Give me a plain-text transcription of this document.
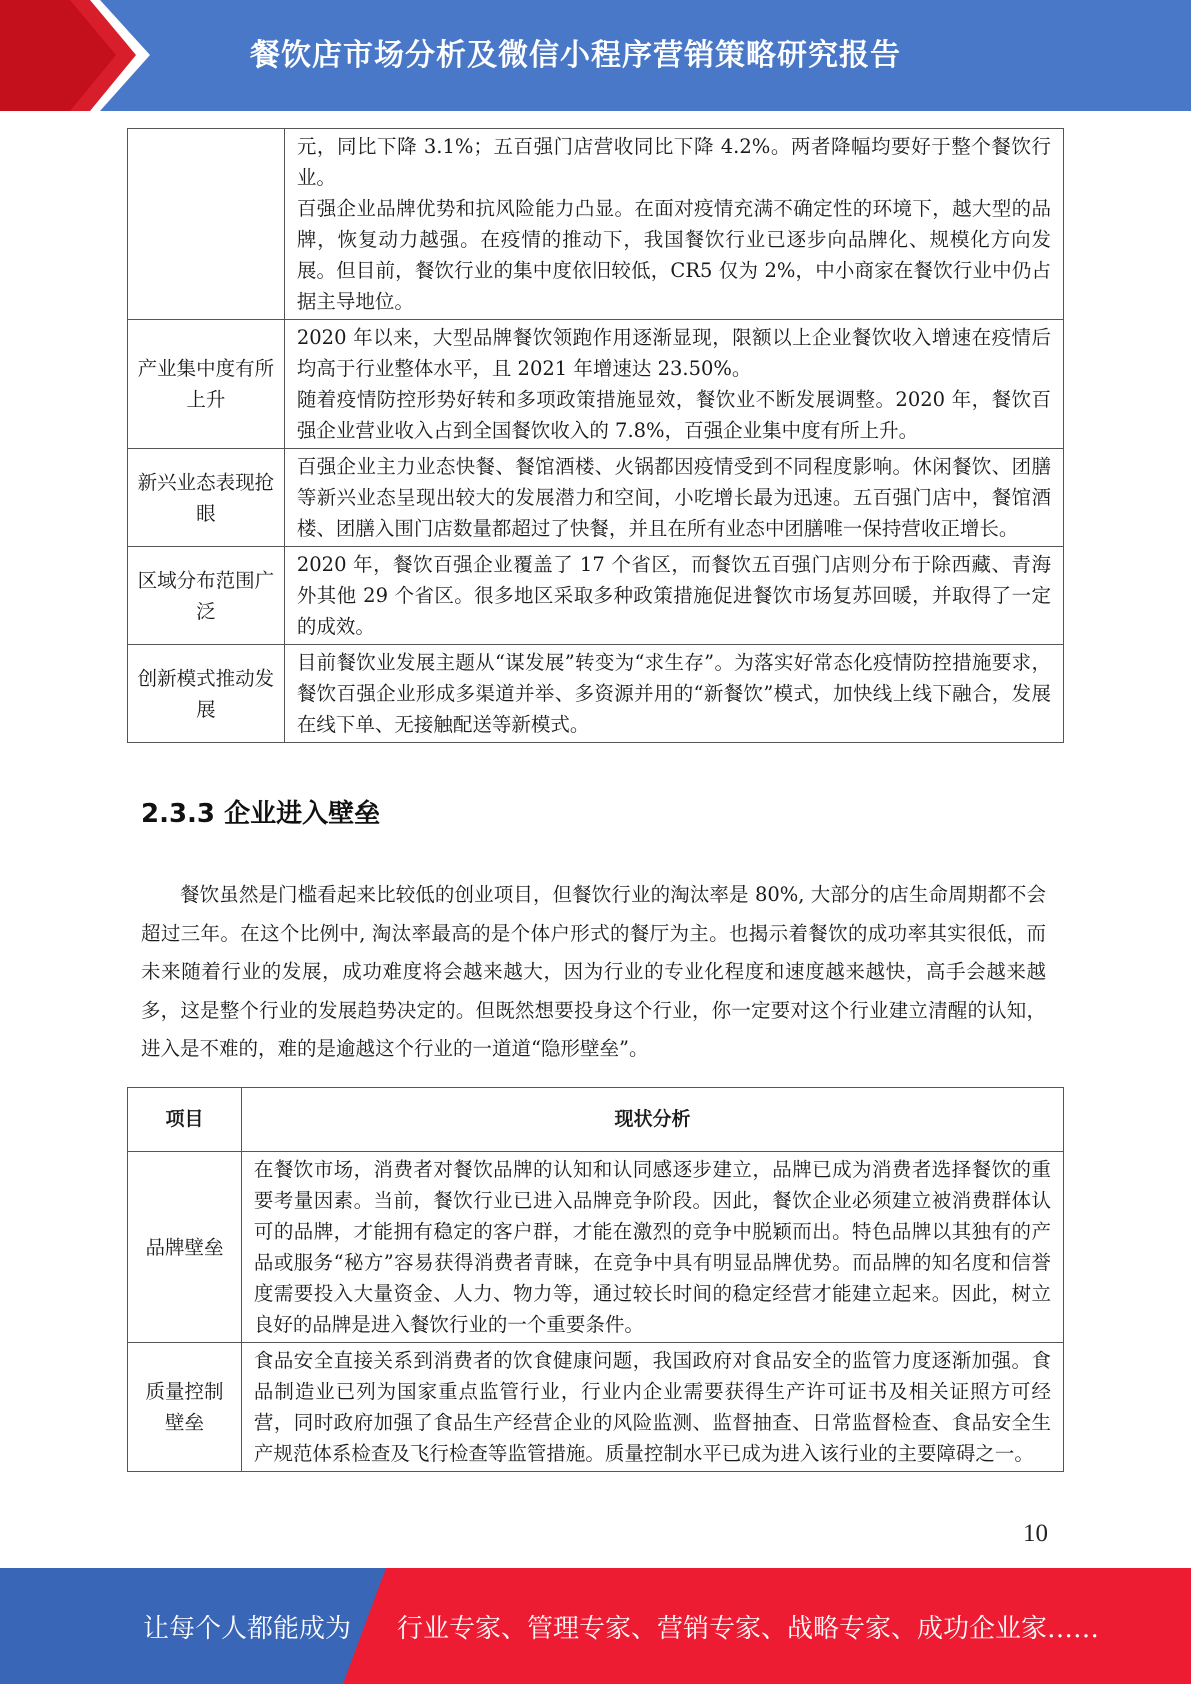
餐饮店市场分析及微信小程序营销策略研究报告

	元，同比下降 3.1%；五百强门店营收同比下降 4.2%。两者降幅均要好于整个餐饮行业。

百强企业品牌优势和抗风险能力凸显。在面对疫情充满不确定性的环境下，越大型的品牌，恢复动力越强。在疫情的推动下，我国餐饮行业已逐步向品牌化、规模化方向发展。但目前，餐饮行业的集中度依旧较低，CR5 仅为 2%，中小商家在餐饮行业中仍占据主导地位。

产业集中度有所上升	2020 年以来，大型品牌餐饮领跑作用逐渐显现，限额以上企业餐饮收入增速在疫情后均高于行业整体水平，且 2021 年增速达 23.50%。

随着疫情防控形势好转和多项政策措施显效，餐饮业不断发展调整。2020 年，餐饮百强企业营业收入占到全国餐饮收入的 7.8%，百强企业集中度有所上升。

新兴业态表现抢眼	百强企业主力业态快餐、餐馆酒楼、火锅都因疫情受到不同程度影响。休闲餐饮、团膳等新兴业态呈现出较大的发展潜力和空间，小吃增长最为迅速。五百强门店中，餐馆酒楼、团膳入围门店数量都超过了快餐，并且在所有业态中团膳唯一保持营收正增长。

区域分布范围广泛	2020 年，餐饮百强企业覆盖了 17 个省区，而餐饮五百强门店则分布于除西藏、青海外其他 29 个省区。很多地区采取多种政策措施促进餐饮市场复苏回暖，并取得了一定的成效。

创新模式推动发展	目前餐饮业发展主题从“谋发展”转变为“求生存”。为落实好常态化疫情防控措施要求，餐饮百强企业形成多渠道并举、多资源并用的“新餐饮”模式，加快线上线下融合，发展在线下单、无接触配送等新模式。

2.3.3 企业进入壁垒

餐饮虽然是门槛看起来比较低的创业项目，但餐饮行业的淘汰率是 80%, 大部分的店生命周期都不会超过三年。在这个比例中, 淘汰率最高的是个体户形式的餐厅为主。也揭示着餐饮的成功率其实很低，而未来随着行业的发展，成功难度将会越来越大，因为行业的专业化程度和速度越来越快，高手会越来越多，这是整个行业的发展趋势决定的。但既然想要投身这个行业，你一定要对这个行业建立清醒的认知，进入是不难的，难的是逾越这个行业的一道道“隐形壁垒”。

项目	现状分析
品牌壁垒	在餐饮市场，消费者对餐饮品牌的认知和认同感逐步建立，品牌已成为消费者选择餐饮的重要考量因素。当前，餐饮行业已进入品牌竞争阶段。因此，餐饮企业必须建立被消费群体认可的品牌，才能拥有稳定的客户群，才能在激烈的竞争中脱颖而出。特色品牌以其独有的产品或服务“秘方”容易获得消费者青睐，在竞争中具有明显品牌优势。而品牌的知名度和信誉度需要投入大量资金、人力、物力等，通过较长时间的稳定经营才能建立起来。因此，树立良好的品牌是进入餐饮行业的一个重要条件。
质量控制壁垒	食品安全直接关系到消费者的饮食健康问题，我国政府对食品安全的监管力度逐渐加强。食品制造业已列为国家重点监管行业，行业内企业需要获得生产许可证书及相关证照方可经营，同时政府加强了食品生产经营企业的风险监测、监督抽查、日常监督检查、食品安全生产规范体系检查及飞行检查等监管措施。质量控制水平已成为进入该行业的主要障碍之一。
10
让每个人都能成为 行业专家、管理专家、营销专家、战略专家、成功企业家……
